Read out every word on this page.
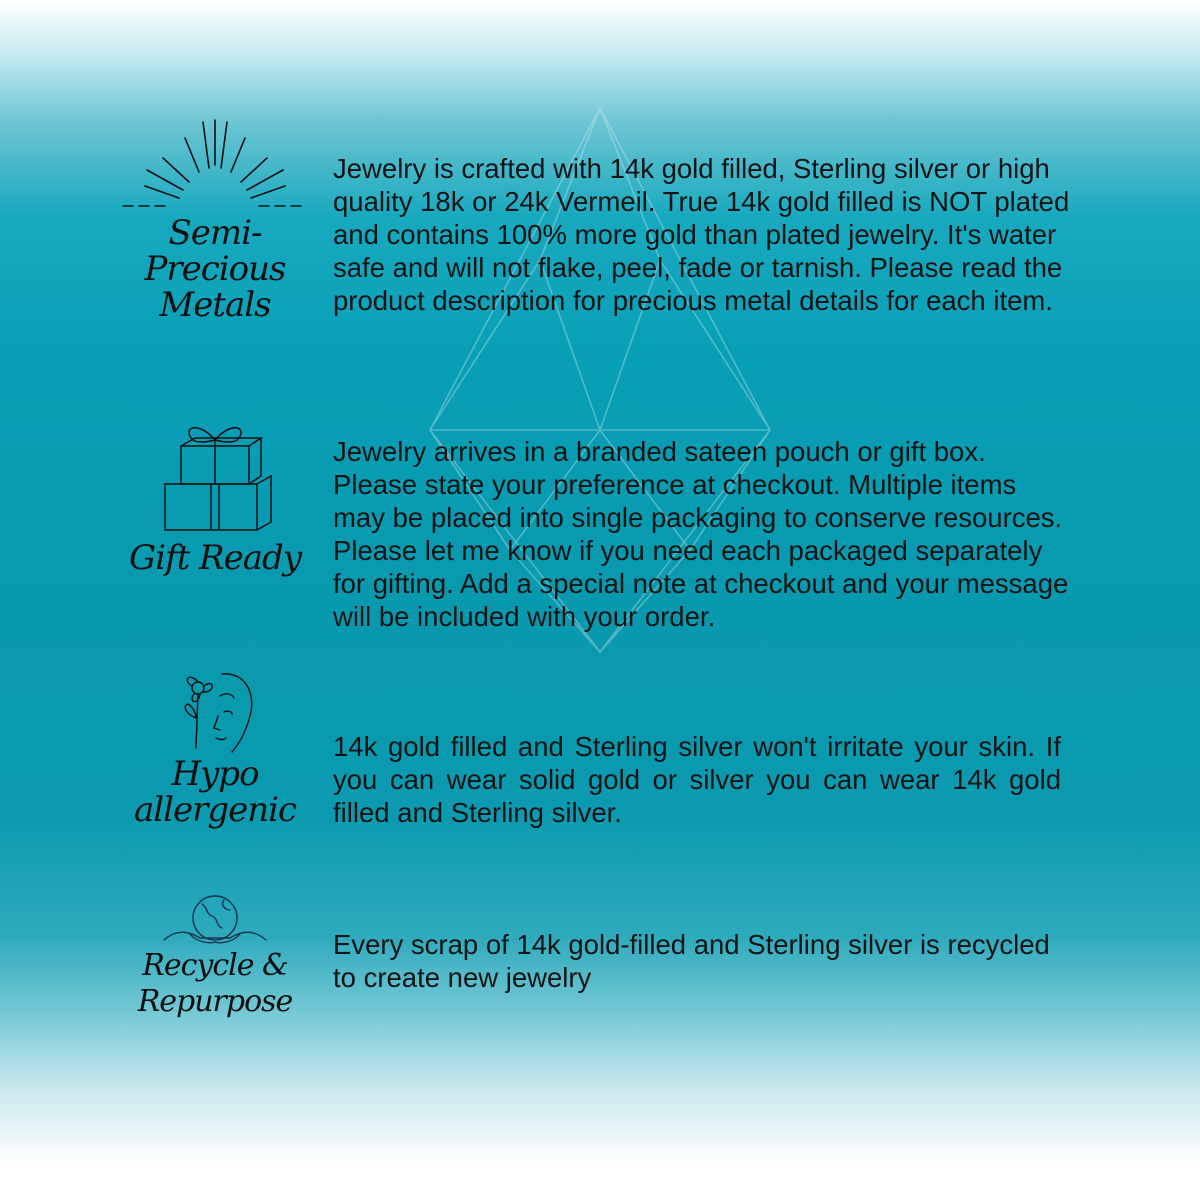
Semi-Precious
Metals

Jewelry is crafted with 14k gold filled, Sterling silver or high quality 18k or 24k Vermeil. True 14k gold filled is NOT plated and contains 100% more gold than plated jewelry. It's water safe and will not flake, peel, fade or tarnish. Please read the product description for precious metal details for each item.

Gift Ready

Jewelry arrives in a branded sateen pouch or gift box. Please state your preference at checkout. Multiple items may be placed into single packaging to conserve resources. Please let me know if you need each packaged separately for gifting. Add a special note at checkout and your message will be included with your order.

Hypo
allergenic

14k gold filled and Sterling silver won't irritate your skin. If you can wear solid gold or silver you can wear 14k gold filled and Sterling silver.

Recycle &
Repurpose

Every scrap of 14k gold-filled and Sterling silver is recycled to create new jewelry
